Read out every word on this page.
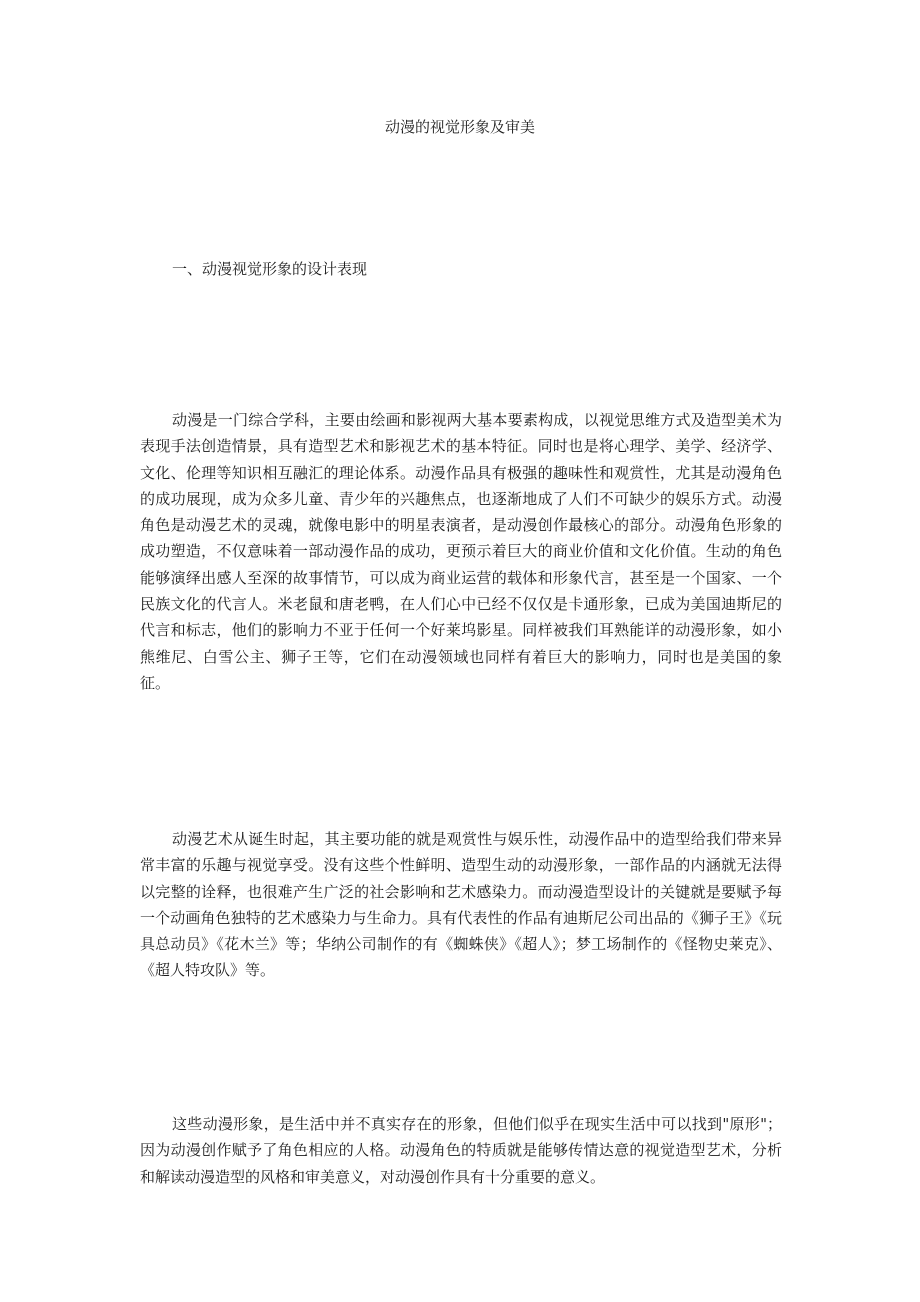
动漫的视觉形象及审美
一、动漫视觉形象的设计表现

动漫是一门综合学科，主要由绘画和影视两大基本要素构成，以视觉思维方式及造型美术为表现手法创造情景，具有造型艺术和影视艺术的基本特征。同时也是将心理学、美学、经济学、文化、伦理等知识相互融汇的理论体系。动漫作品具有极强的趣味性和观赏性，尤其是动漫角色的成功展现，成为众多儿童、青少年的兴趣焦点，也逐渐地成了人们不可缺少的娱乐方式。动漫角色是动漫艺术的灵魂，就像电影中的明星表演者，是动漫创作最核心的部分。动漫角色形象的成功塑造，不仅意味着一部动漫作品的成功，更预示着巨大的商业价值和文化价值。生动的角色能够演绎出感人至深的故事情节，可以成为商业运营的载体和形象代言，甚至是一个国家、一个民族文化的代言人。米老鼠和唐老鸭，在人们心中已经不仅仅是卡通形象，已成为美国迪斯尼的代言和标志，他们的影响力不亚于任何一个好莱坞影星。同样被我们耳熟能详的动漫形象，如小熊维尼、白雪公主、狮子王等，它们在动漫领域也同样有着巨大的影响力，同时也是美国的象征。

动漫艺术从诞生时起，其主要功能的就是观赏性与娱乐性，动漫作品中的造型给我们带来异常丰富的乐趣与视觉享受。没有这些个性鲜明、造型生动的动漫形象，一部作品的内涵就无法得以完整的诠释，也很难产生广泛的社会影响和艺术感染力。而动漫造型设计的关键就是要赋予每一个动画角色独特的艺术感染力与生命力。具有代表性的作品有迪斯尼公司出品的《狮子王》《玩具总动员》《花木兰》等；华纳公司制作的有《蜘蛛侠》《超人》；梦工场制作的《怪物史莱克》、《超人特攻队》等。

这些动漫形象，是生活中并不真实存在的形象，但他们似乎在现实生活中可以找到"原形"；因为动漫创作赋予了角色相应的人格。动漫角色的特质就是能够传情达意的视觉造型艺术，分析和解读动漫造型的风格和审美意义，对动漫创作具有十分重要的意义。
